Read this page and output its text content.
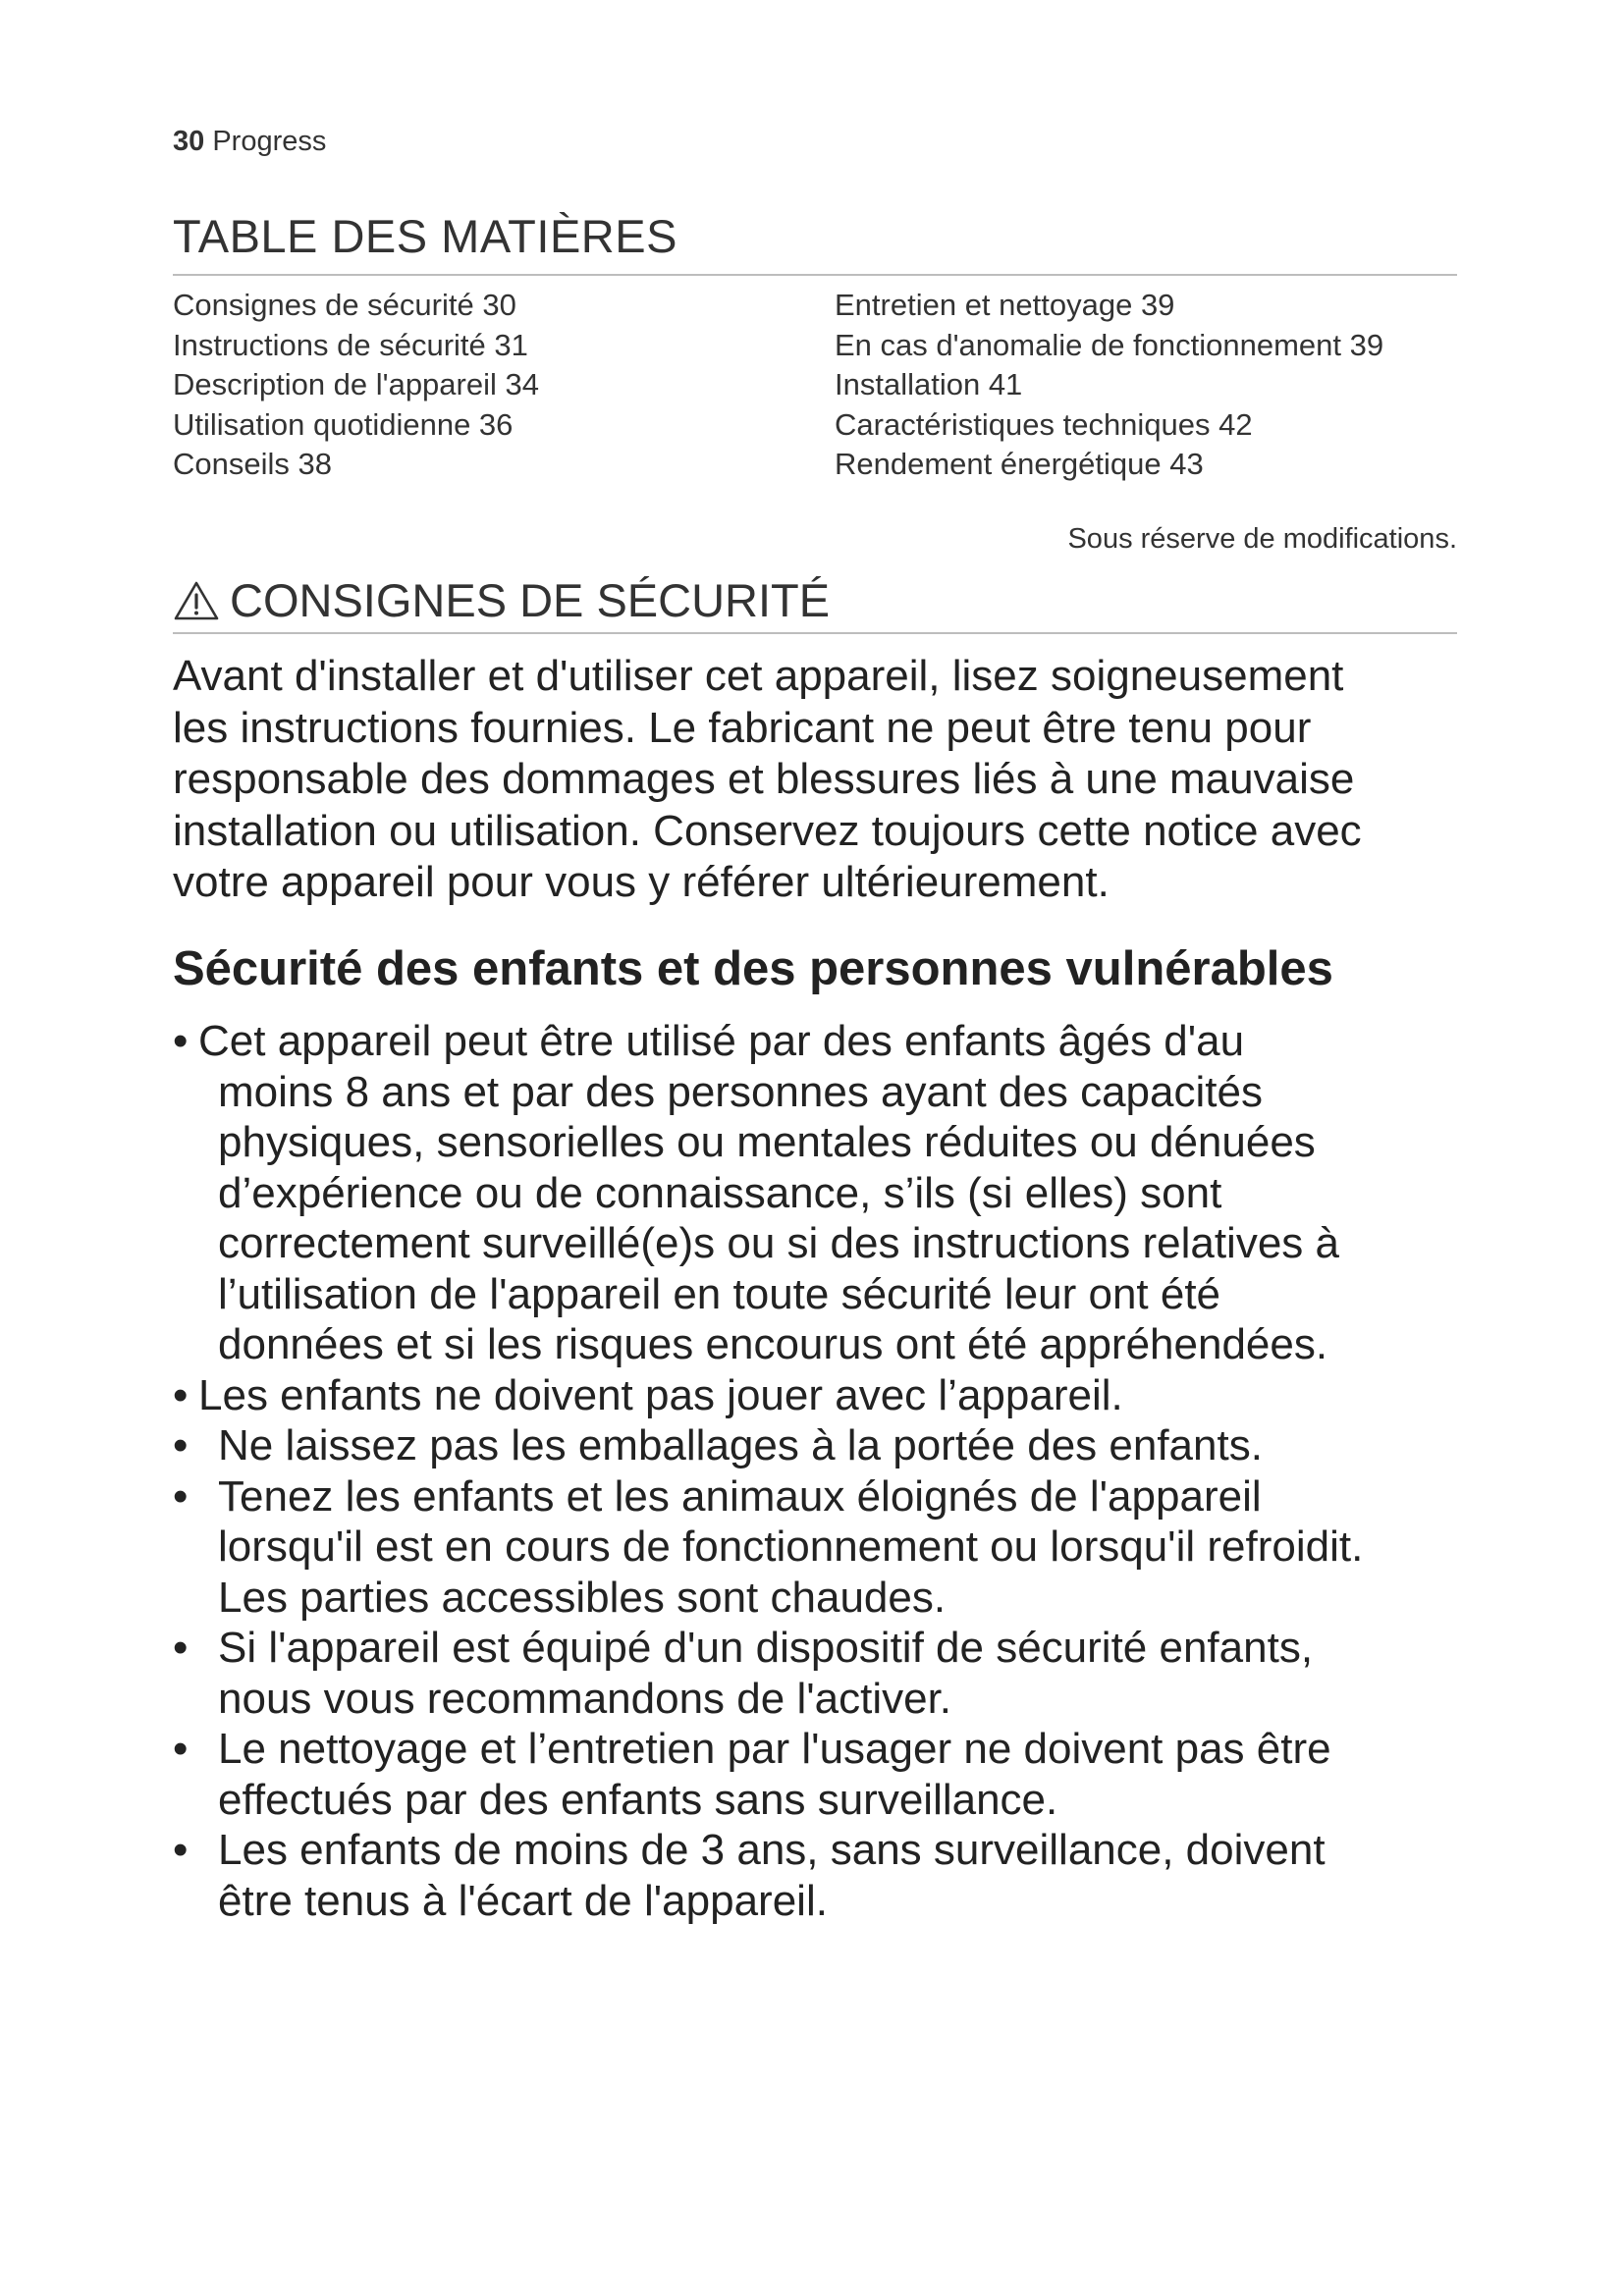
30 Progress
TABLE DES MATIÈRES
Consignes de sécurité 30
Instructions de sécurité 31
Description de l'appareil 34
Utilisation quotidienne 36
Conseils 38
Entretien et nettoyage 39
En cas d'anomalie de fonctionnement 39
Installation 41
Caractéristiques techniques 42
Rendement énergétique 43
Sous réserve de modifications.
CONSIGNES DE SÉCURITÉ
Avant d'installer et d'utiliser cet appareil, lisez soigneusement
les instructions fournies. Le fabricant ne peut être tenu pour
responsable des dommages et blessures liés à une mauvaise
installation ou utilisation. Conservez toujours cette notice avec
votre appareil pour vous y référer ultérieurement.
Sécurité des enfants et des personnes vulnérables
• Cet appareil peut être utilisé par des enfants âgés d'au
moins 8 ans et par des personnes ayant des capacités
physiques, sensorielles ou mentales réduites ou dénuées
d’expérience ou de connaissance, s’ils (si elles) sont
correctement surveillé(e)s ou si des instructions relatives à
l’utilisation de l'appareil en toute sécurité leur ont été
données et si les risques encourus ont été appréhendées.
• Les enfants ne doivent pas jouer avec l’appareil.
• Ne laissez pas les emballages à la portée des enfants.
• Tenez les enfants et les animaux éloignés de l'appareil
lorsqu'il est en cours de fonctionnement ou lorsqu'il refroidit.
Les parties accessibles sont chaudes.
• Si l'appareil est équipé d'un dispositif de sécurité enfants,
nous vous recommandons de l'activer.
• Le nettoyage et l’entretien par l'usager ne doivent pas être
effectués par des enfants sans surveillance.
• Les enfants de moins de 3 ans, sans surveillance, doivent
être tenus à l'écart de l'appareil.
